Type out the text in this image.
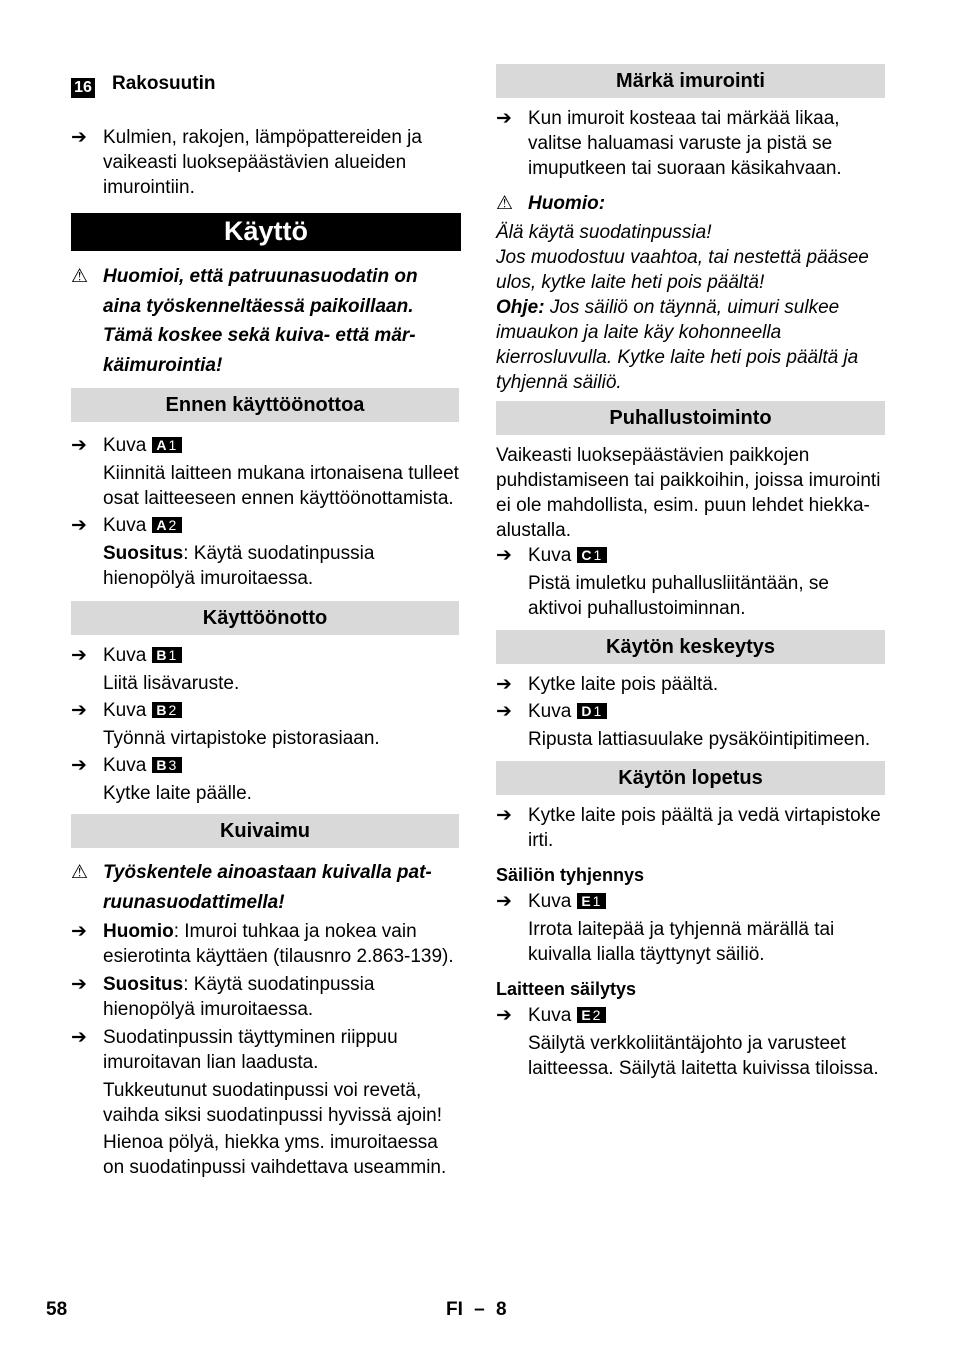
16 Rakosuutin
➔ Kulmien, rakojen, lämpöpattereiden ja vaikeasti luoksepäästävien alueiden imurointiin.

Käyttö
⚠ Huomioi, että patruunasuodatin on
aina työskenneltäessä paikoillaan.
Tämä koskee sekä kuiva- että mär-
käimurointia!
Ennen käyttöönottoa
➔ Kuva A1

Kiinnitä laitteen mukana irtonaisena tulleet osat laitteeseen ennen käyttöönottamista.

➔ Kuva A2

Suositus: Käytä suodatinpussia hienopölyä imuroitaessa.

Käyttöönotto
➔ Kuva B1

Liitä lisävaruste.

➔ Kuva B2

Työnnä virtapistoke pistorasiaan.

➔ Kuva B3

Kytke laite päälle.

Kuivaimu
⚠ Työskentele ainoastaan kuivalla pat-
ruunasuodattimella!
➔ Huomio: Imuroi tuhkaa ja nokea vain esierotinta käyttäen (tilausnro 2.863-139).

➔ Suositus: Käytä suodatinpussia hienopölyä imuroitaessa.

➔ Suodatinpussin täyttyminen riippuu imuroitavan lian laadusta.

Tukkeutunut suodatinpussi voi revetä, vaihda siksi suodatinpussi hyvissä ajoin!

Hienoa pölyä, hiekka yms. imuroitaessa on suodatinpussi vaihdettava useammin.

Märkä imurointi
➔ Kun imuroit kosteaa tai märkää likaa, valitse haluamasi varuste ja pistä se imuputkeen tai suoraan käsikahvaan.

⚠ Huomio:

Älä käytä suodatinpussia!

Jos muodostuu vaahtoa, tai nestettä pääsee ulos, kytke laite heti pois päältä!

Ohje: Jos säiliö on täynnä, uimuri sulkee imuaukon ja laite käy kohonneella kierrosluvulla. Kytke laite heti pois päältä ja tyhjennä säiliö.

Puhallustoiminto

Vaikeasti luoksepäästävien paikkojen puhdistamiseen tai paikkoihin, joissa imurointi ei ole mahdollista, esim. puun lehdet hiekka-alustalla.

➔ Kuva C1

Pistä imuletku puhallusliitäntään, se aktivoi puhallustoiminnan.

Käytön keskeytys
➔ Kytke laite pois päältä.

➔ Kuva D1

Ripusta lattiasuulake pysäköintipitimeen.

Käytön lopetus
➔ Kytke laite pois päältä ja vedä virtapistoke irti.

Säiliön tyhjennys
➔ Kuva E1

Irrota laitepää ja tyhjennä märällä tai kuivalla lialla täyttynyt säiliö.

Laitteen säilytys
➔ Kuva E2

Säilytä verkkoliitäntäjohto ja varusteet laitteessa. Säilytä laitetta kuivissa tiloissa.

58	FI – 8
